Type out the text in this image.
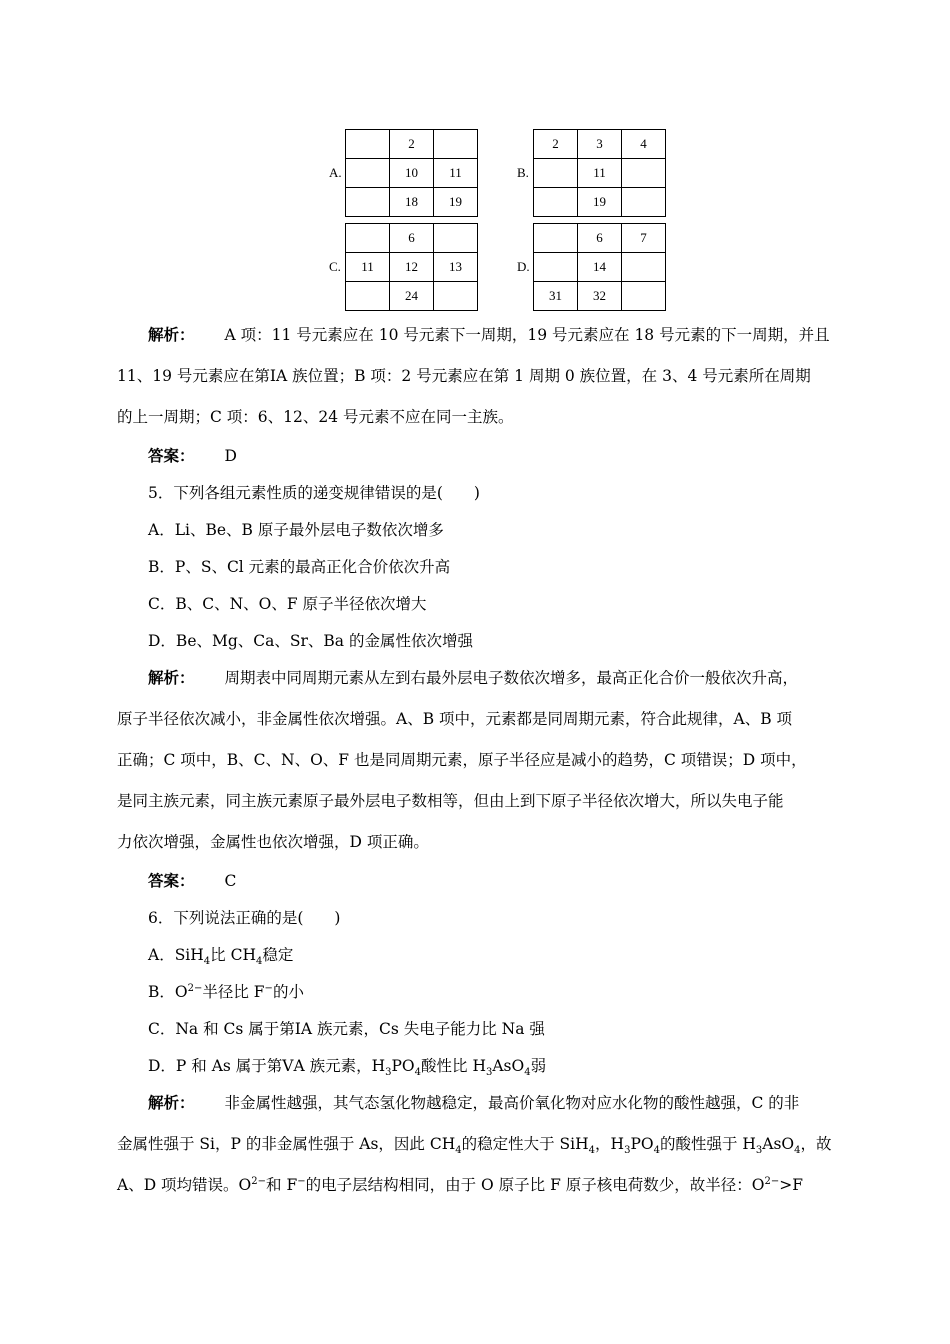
A.
	2	
	10	11
	18	19
B.
2	3	4
	11	
	19	
C.
	6	
11	12	13
	24	
D.
	6	7
	14	
31	32	
解析： A 项：11 号元素应在 10 号元素下一周期，19 号元素应在 18 号元素的下一周期，并且
11、19 号元素应在第ⅠA 族位置；B 项：2 号元素应在第 1 周期 0 族位置，在 3、4 号元素所在周期
的上一周期；C 项：6、12、24 号元素不应在同一主族。
答案： D
5．下列各组元素性质的递变规律错误的是(　　)
A．Li、Be、B 原子最外层电子数依次增多
B．P、S、Cl 元素的最高正化合价依次升高
C．B、C、N、O、F 原子半径依次增大
D．Be、Mg、Ca、Sr、Ba 的金属性依次增强
解析： 周期表中同周期元素从左到右最外层电子数依次增多，最高正化合价一般依次升高，
原子半径依次减小，非金属性依次增强。A、B 项中，元素都是同周期元素，符合此规律，A、B 项
正确；C 项中，B、C、N、O、F 也是同周期元素，原子半径应是减小的趋势，C 项错误；D 项中，
是同主族元素，同主族元素原子最外层电子数相等，但由上到下原子半径依次增大，所以失电子能
力依次增强，金属性也依次增强，D 项正确。
答案： C
6．下列说法正确的是(　　)
A．SiH$_4$比 $CH_4$稳定
B．$O^{2-}$半径比 F−的小
C．Na 和 Cs 属于第ⅠA 族元素，Cs 失电子能力比 Na 强
D．P 和 As 属于第ⅤA 族元素，$H_3PO_4$酸性比 $H_3AsO_4$弱
解析： 非金属性越强，其气态氢化物越稳定，最高价氧化物对应水化物的酸性越强，C 的非
金属性强于 Si，P 的非金属性强于 As，因此 $CH_4$的稳定性大于 SiH$_4$，$H_3PO_4$的酸性强于 $H_3AsO_4$，故
A、D 项均错误。$O^{2-}$和 F−的电子层结构相同，由于 O 原子比 F 原子核电荷数少，故半径：$O^{2-}>F$
